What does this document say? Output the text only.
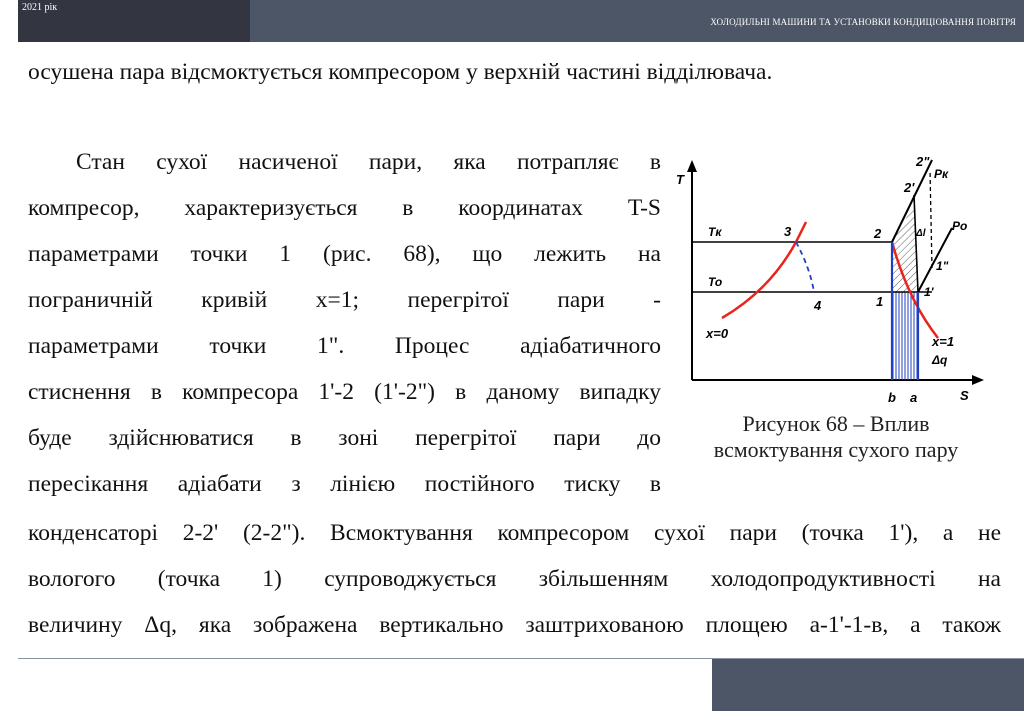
2021 рік
ХОЛОДИЛЬНІ МАШИНИ ТА УСТАНОВКИ КОНДИЦІОВАННЯ ПОВІТРЯ
осушена пара відсмоктується компресором у верхній частині відділювача.
Стан сухої насиченої пари, яка потрапляє в
компресор, характеризується в координатах T-S
параметрами точки 1 (рис. 68), що лежить на
пограничній кривій x=1; перегрітої пари -
параметрами точки 1". Процес адіабатичного
стиснення в компресора 1'-2 (1'-2") в даному випадку
буде здійснюватися в зоні перегрітої пари до
пересікання адіабати з лінією постійного тиску в
конденсаторі 2-2' (2-2"). Всмоктування компресором сухої пари (точка 1'), а не
вологого (точка 1) супроводжується збільшенням холодопродуктивності на
величину Δq, яка зображена вертикально заштрихованою площею а-1'-1-в, а також
T
S
Tк
To
3
4
2
1
2'
2"
Pк
Po
1"
1'
Δl
x=0
x=1
Δq
b a
Рисунок 68 – Вплив
всмоктування сухого пару
